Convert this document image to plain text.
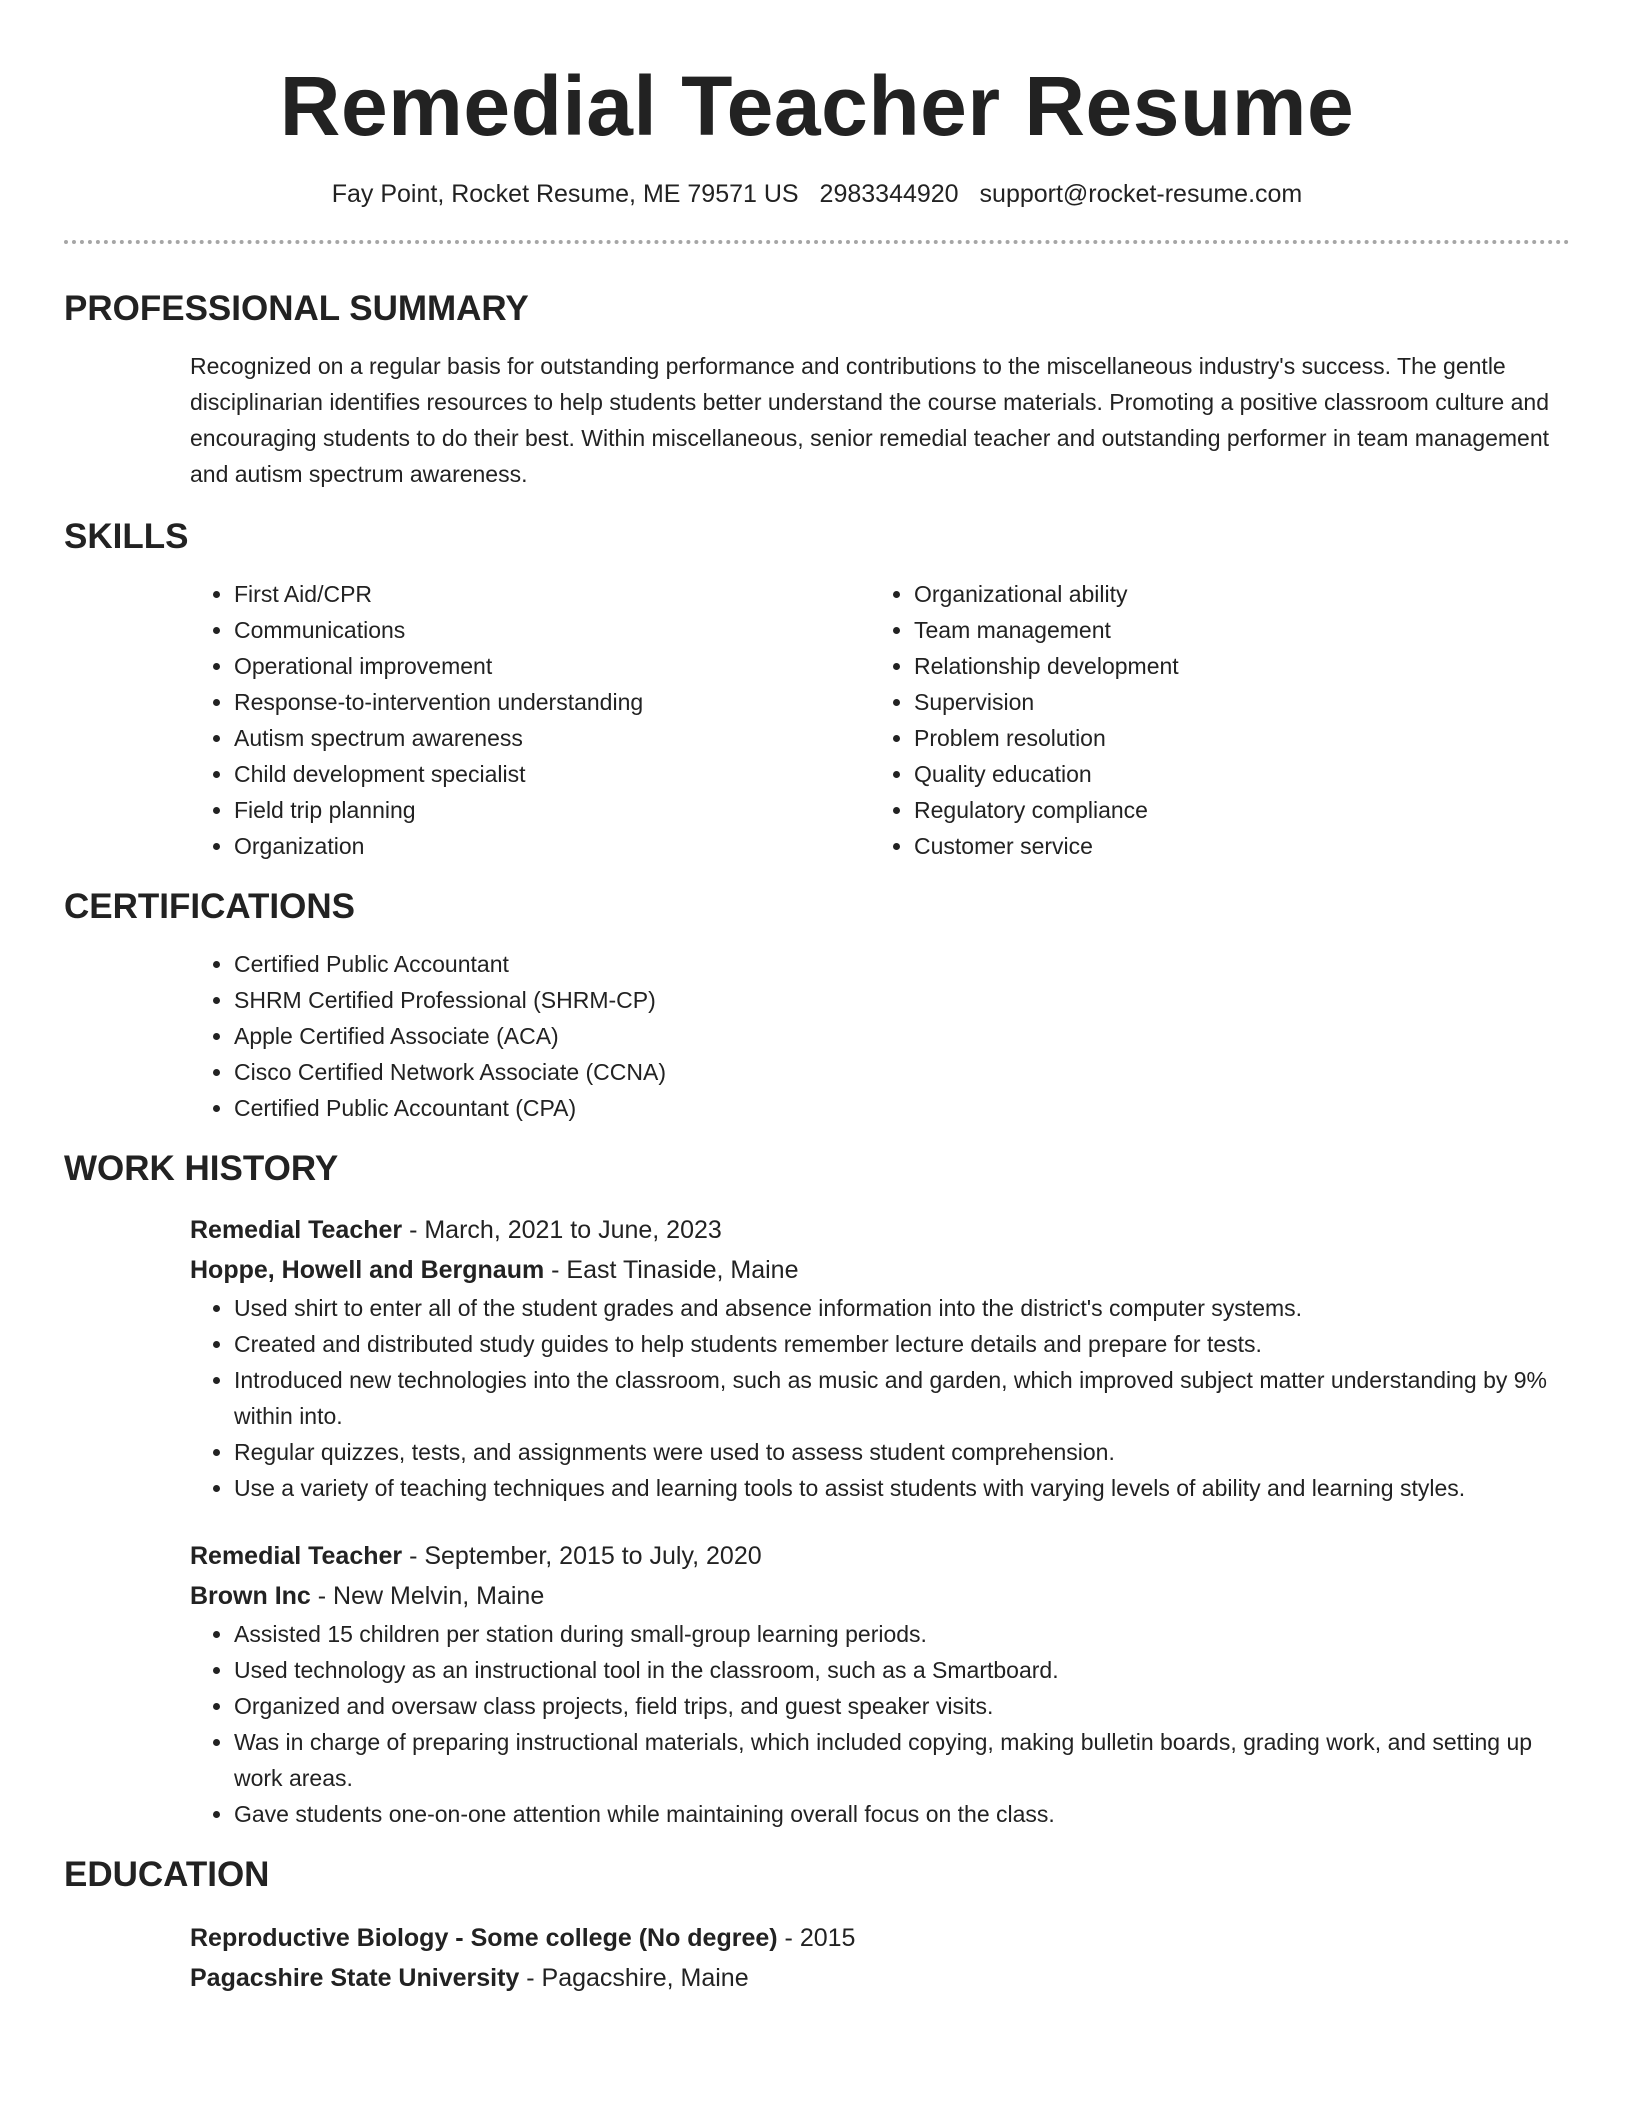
Remedial Teacher Resume
Fay Point, Rocket Resume, ME 79571 US 2983344920 support@rocket-resume.com
PROFESSIONAL SUMMARY
Recognized on a regular basis for outstanding performance and contributions to the miscellaneous industry's success. The gentle disciplinarian identifies resources to help students better understand the course materials. Promoting a positive classroom culture and encouraging students to do their best. Within miscellaneous, senior remedial teacher and outstanding performer in team management and autism spectrum awareness.
SKILLS
• First Aid/CPR
• Communications
• Operational improvement
• Response-to-intervention understanding
• Autism spectrum awareness
• Child development specialist
• Field trip planning
• Organization
• Organizational ability
• Team management
• Relationship development
• Supervision
• Problem resolution
• Quality education
• Regulatory compliance
• Customer service
CERTIFICATIONS
• Certified Public Accountant
• SHRM Certified Professional (SHRM-CP)
• Apple Certified Associate (ACA)
• Cisco Certified Network Associate (CCNA)
• Certified Public Accountant (CPA)
WORK HISTORY
Remedial Teacher - March, 2021 to June, 2023
Hoppe, Howell and Bergnaum - East Tinaside, Maine
• Used shirt to enter all of the student grades and absence information into the district's computer systems.
• Created and distributed study guides to help students remember lecture details and prepare for tests.
• Introduced new technologies into the classroom, such as music and garden, which improved subject matter understanding by 9% within into.
• Regular quizzes, tests, and assignments were used to assess student comprehension.
• Use a variety of teaching techniques and learning tools to assist students with varying levels of ability and learning styles.
Remedial Teacher - September, 2015 to July, 2020
Brown Inc - New Melvin, Maine
• Assisted 15 children per station during small-group learning periods.
• Used technology as an instructional tool in the classroom, such as a Smartboard.
• Organized and oversaw class projects, field trips, and guest speaker visits.
• Was in charge of preparing instructional materials, which included copying, making bulletin boards, grading work, and setting up work areas.
• Gave students one-on-one attention while maintaining overall focus on the class.
EDUCATION
Reproductive Biology - Some college (No degree) - 2015
Pagacshire State University - Pagacshire, Maine
